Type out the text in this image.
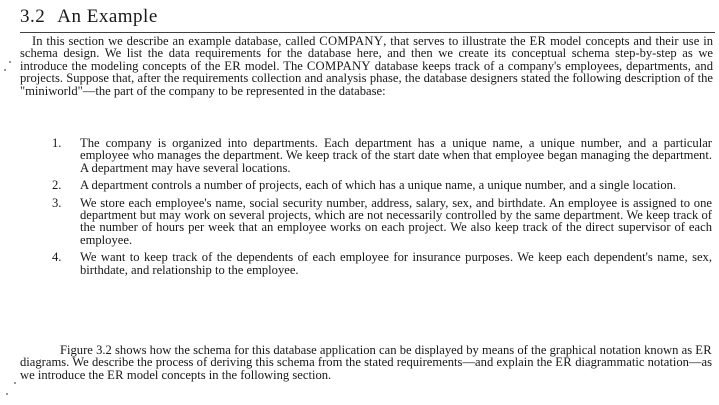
3.2 An Example

In this section we describe an example database, called COMPANY, that serves to illustrate the ER model concepts and their use in schema design. We list the data requirements for the database here, and then we create its conceptual schema step-by-step as we introduce the modeling concepts of the ER model. The COMPANY database keeps track of a company's employees, departments, and projects. Suppose that, after the requirements collection and analysis phase, the database designers stated the following description of the "miniworld"—the part of the company to be represented in the database:

1. The company is organized into departments. Each department has a unique name, a unique number, and a particular employee who manages the department. We keep track of the start date when that employee began managing the department. A department may have several locations.
2. A department controls a number of projects, each of which has a unique name, a unique number, and a single location.
3. We store each employee's name, social security number, address, salary, sex, and birthdate. An employee is assigned to one department but may work on several projects, which are not necessarily controlled by the same department. We keep track of the number of hours per week that an employee works on each project. We also keep track of the direct supervisor of each employee.
4. We want to keep track of the dependents of each employee for insurance purposes. We keep each dependent's name, sex, birthdate, and relationship to the employee.

Figure 3.2 shows how the schema for this database application can be displayed by means of the graphical notation known as ER diagrams. We describe the process of deriving this schema from the stated requirements—and explain the ER diagrammatic notation—as we introduce the ER model concepts in the following section.
